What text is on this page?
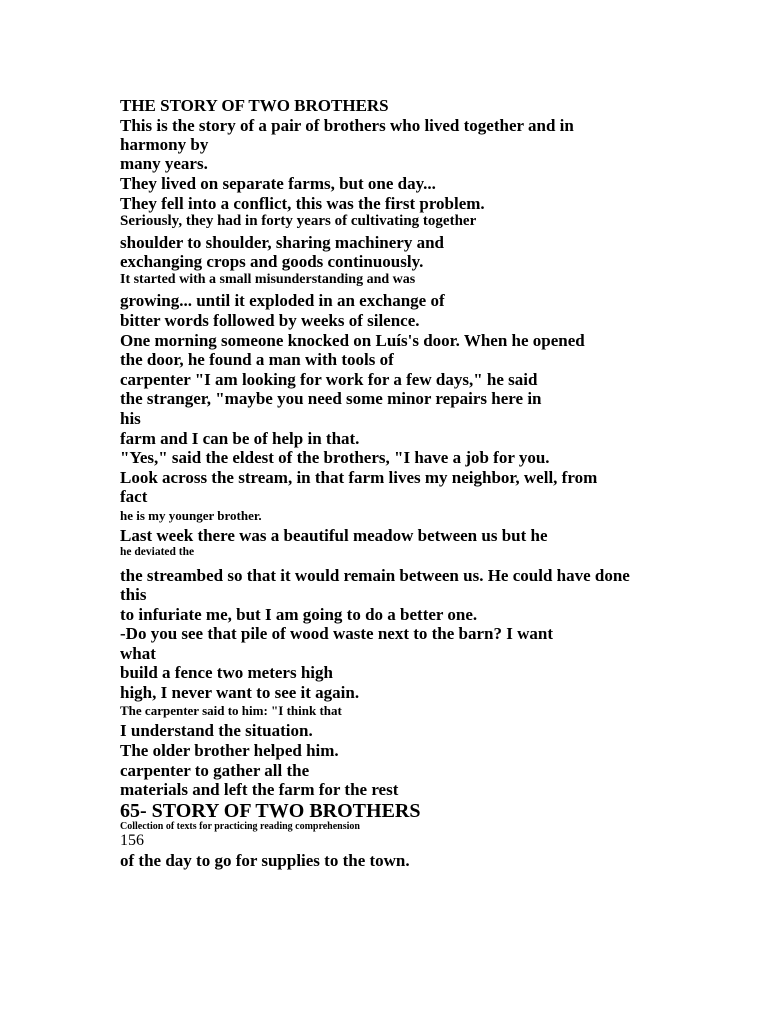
THE STORY OF TWO BROTHERS

This is the story of a pair of brothers who lived together and in

harmony by

many years.

They lived on separate farms, but one day...

They fell into a conflict, this was the first problem.

Seriously, they had in forty years of cultivating together

shoulder to shoulder, sharing machinery and

exchanging crops and goods continuously.

It started with a small misunderstanding and was

growing... until it exploded in an exchange of

bitter words followed by weeks of silence.

One morning someone knocked on Luís's door. When he opened

the door, he found a man with tools of

carpenter "I am looking for work for a few days," he said

the stranger, "maybe you need some minor repairs here in

his

farm and I can be of help in that.

"Yes," said the eldest of the brothers, "I have a job for you.

Look across the stream, in that farm lives my neighbor, well, from

fact

he is my younger brother.

Last week there was a beautiful meadow between us but he

he deviated the

the streambed so that it would remain between us. He could have done

this

to infuriate me, but I am going to do a better one.

-Do you see that pile of wood waste next to the barn? I want

what

build a fence two meters high

high, I never want to see it again.

The carpenter said to him: "I think that

I understand the situation.

The older brother helped him.

carpenter to gather all the

materials and left the farm for the rest

65- STORY OF TWO BROTHERS

Collection of texts for practicing reading comprehension

156

of the day to go for supplies to the town.
